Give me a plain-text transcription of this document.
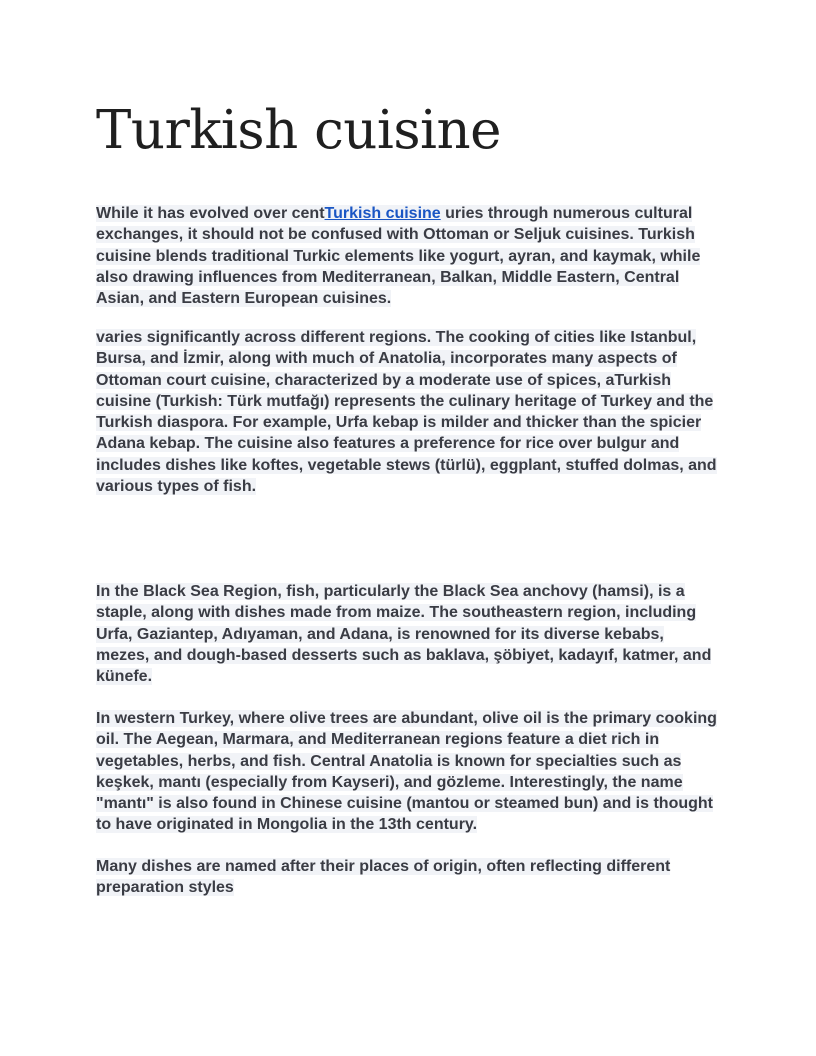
Turkish cuisine

While it has evolved over centTurkish cuisine uries through numerous cultural exchanges, it should not be confused with Ottoman or Seljuk cuisines. Turkish cuisine blends traditional Turkic elements like yogurt, ayran, and kaymak, while also drawing influences from Mediterranean, Balkan, Middle Eastern, Central Asian, and Eastern European cuisines.

varies significantly across different regions. The cooking of cities like Istanbul, Bursa, and İzmir, along with much of Anatolia, incorporates many aspects of Ottoman court cuisine, characterized by a moderate use of spices, aTurkish cuisine (Turkish: Türk mutfağı) represents the culinary heritage of Turkey and the Turkish diaspora. For example, Urfa kebap is milder and thicker than the spicier Adana kebap. The cuisine also features a preference for rice over bulgur and includes dishes like koftes, vegetable stews (türlü), eggplant, stuffed dolmas, and various types of fish.

In the Black Sea Region, fish, particularly the Black Sea anchovy (hamsi), is a staple, along with dishes made from maize. The southeastern region, including Urfa, Gaziantep, Adıyaman, and Adana, is renowned for its diverse kebabs, mezes, and dough-based desserts such as baklava, şöbiyet, kadayıf, katmer, and künefe.

In western Turkey, where olive trees are abundant, olive oil is the primary cooking oil. The Aegean, Marmara, and Mediterranean regions feature a diet rich in vegetables, herbs, and fish. Central Anatolia is known for specialties such as keşkek, mantı (especially from Kayseri), and gözleme. Interestingly, the name "mantı" is also found in Chinese cuisine (mantou or steamed bun) and is thought to have originated in Mongolia in the 13th century.

Many dishes are named after their places of origin, often reflecting different preparation styles
